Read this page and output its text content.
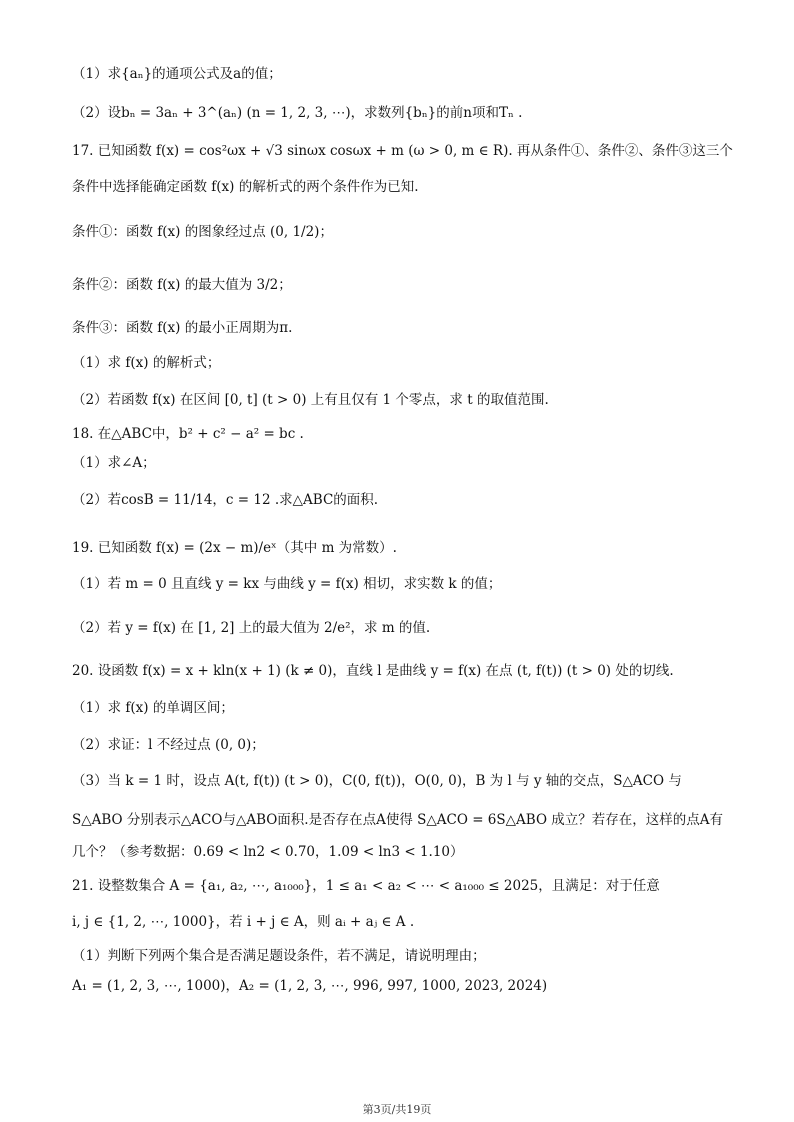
（1）求{aₙ}的通项公式及a的值；
（2）设bₙ = 3aₙ + 3^(aₙ) (n = 1, 2, 3, ⋯)，求数列{bₙ}的前n项和Tₙ .
17. 已知函数 f(x) = cos²ωx + √3 sinωx cosωx + m (ω > 0, m ∈ R). 再从条件①、条件②、条件③这三个
条件中选择能确定函数 f(x) 的解析式的两个条件作为已知.
条件①：函数 f(x) 的图象经过点 (0, 1/2)；
条件②：函数 f(x) 的最大值为 3/2；
条件③：函数 f(x) 的最小正周期为π.
（1）求 f(x) 的解析式；
（2）若函数 f(x) 在区间 [0, t] (t > 0) 上有且仅有 1 个零点，求 t 的取值范围.
18. 在△ABC中，b² + c² − a² = bc .
（1）求∠A；
（2）若cosB = 11/14，c = 12 .求△ABC的面积.
19. 已知函数 f(x) = (2x − m)/eˣ（其中 m 为常数）.
（1）若 m = 0 且直线 y = kx 与曲线 y = f(x) 相切，求实数 k 的值；
（2）若 y = f(x) 在 [1, 2] 上的最大值为 2/e²，求 m 的值.
20. 设函数 f(x) = x + kln(x + 1) (k ≠ 0)，直线 l 是曲线 y = f(x) 在点 (t, f(t)) (t > 0) 处的切线.
（1）求 f(x) 的单调区间；
（2）求证：l 不经过点 (0, 0)；
（3）当 k = 1 时，设点 A(t, f(t)) (t > 0)，C(0, f(t))，O(0, 0)，B 为 l 与 y 轴的交点，S△ACO 与
S△ABO 分别表示△ACO与△ABO面积.是否存在点A使得 S△ACO = 6S△ABO 成立？若存在，这样的点A有
几个？（参考数据：0.69 < ln2 < 0.70，1.09 < ln3 < 1.10）
21. 设整数集合 A = {a₁, a₂, ⋯, a₁₀₀₀}，1 ≤ a₁ < a₂ < ⋯ < a₁₀₀₀ ≤ 2025，且满足：对于任意
i, j ∈ {1, 2, ⋯, 1000}，若 i + j ∈ A，则 aᵢ + aⱼ ∈ A .
（1）判断下列两个集合是否满足题设条件，若不满足，请说明理由；
A₁ = (1, 2, 3, ⋯, 1000)，A₂ = (1, 2, 3, ⋯, 996, 997, 1000, 2023, 2024)
第3页/共19页
